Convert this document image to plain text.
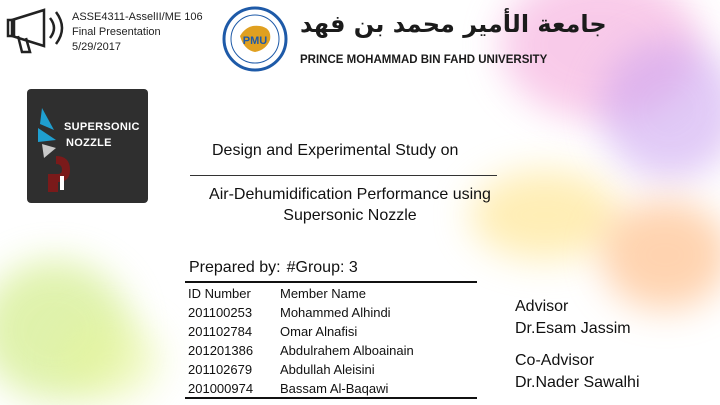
ASSE4311-AsselII/ME 106
Final Presentation
5/29/2017	PMU
جامعة الأمير محمد بن فهد
PRINCE MOHAMMAD BIN FAHD UNIVERSITY
SUPERSONIC
NOZZLE	Design and Experimental Study on
Air-Dehumidification Performance using Supersonic Nozzle
Prepared by: #Group: 3
ID Number
201100253
201102784
201201386
201102679
201000974
Member Name
Mohammed Alhindi
Omar Alnafisi
Abdulrahem Alboainain
Abdullah Aleisini
Bassam Al-Baqawi
Advisor
Dr.Esam Jassim
Co-Advisor
Dr.Nader Sawalhi
